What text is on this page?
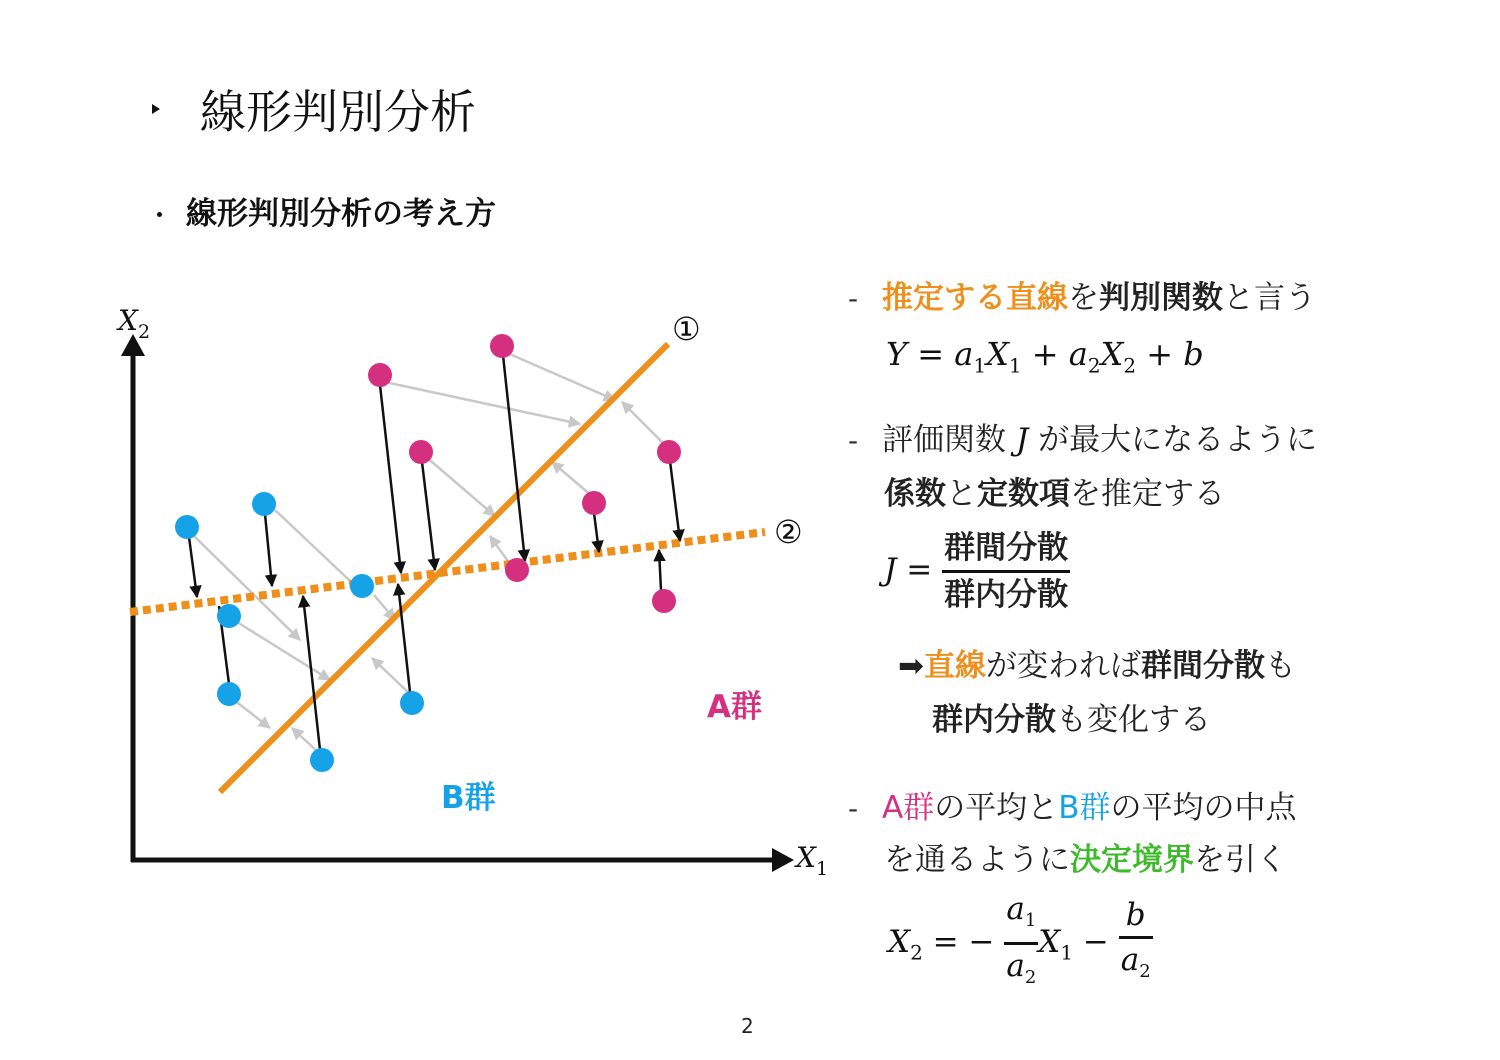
線形判別分析
線形判別分析の考え方
$X_2$
$X_1$
①
②
A群
B群
- 推定する直線を判別関数と言う
$Y = a_1X_1 + a_2X_2 + b$
- 評価関数 J が最大になるように
係数と定数項を推定する
$J = \frac{\text{群間分散}}{\text{群内分散}}$
➡直線が変われば群間分散も
群内分散も変化する
- A群の平均とB群の平均の中点
を通るように決定境界を引く
$X_2$ = − $\frac{a_1}{a_2} X_1 - \frac{b}{a_2}$
2
